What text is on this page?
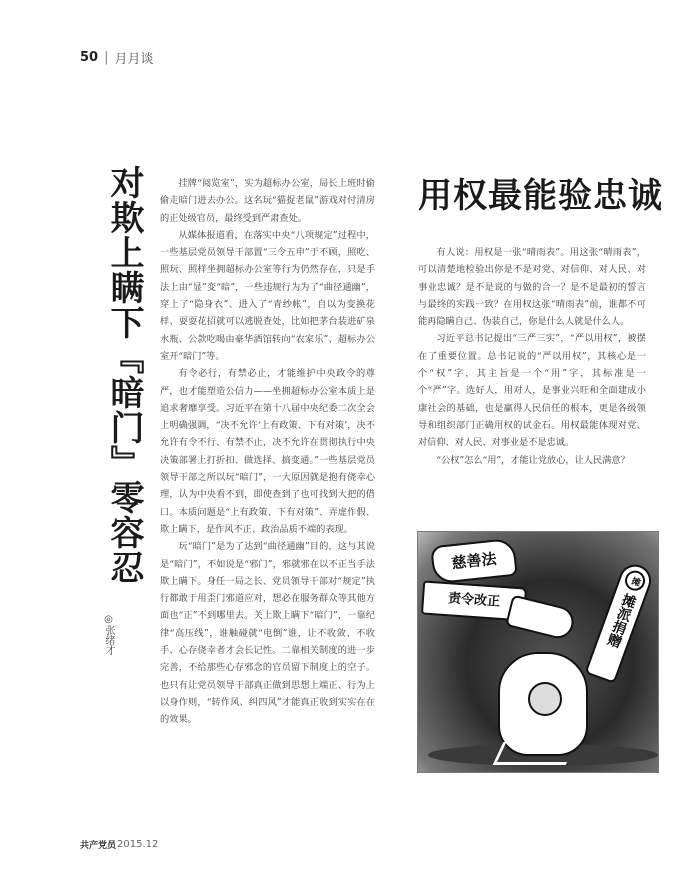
50 | 月月谈
对欺上瞒下『暗门』零容忍
◎张绪才

挂牌“阅览室”，实为超标办公室，局长上班时偷偷走暗门进去办公。这名玩“猫捉老鼠”游戏对付清房的正处级官员，最终受到严肃查处。

从媒体报道看，在落实中央“八项规定”过程中，一些基层党员领导干部置“三令五申”于不顾，照吃、照玩、照样坐拥超标办公室等行为仍然存在，只是手法上由“显”变“暗”，一些违规行为为了“曲径通幽”，穿上了“隐身衣”、进入了“青纱帐”，自以为变换花样、耍耍花招就可以逃脱查处，比如把茅台装进矿泉水瓶、公款吃喝由豪华酒馆转向“农家乐”、超标办公室开“暗门”等。

有令必行，有禁必止，才能维护中央政令的尊严，也才能塑造公信力——坐拥超标办公室本质上是追求奢靡享受。习近平在第十八届中央纪委二次全会上明确强调，“决不允许‘上有政策、下有对策’，决不允许有令不行、有禁不止，决不允许在贯彻执行中央决策部署上打折扣、做选择、搞变通。”一些基层党员领导干部之所以玩“暗门”，一大原因就是抱有侥幸心理，认为中央看不到，即使查到了也可找到大把的借口。本质问题是“上有政策、下有对策”、弄虚作假、欺上瞒下，是作风不正、政治品质不端的表现。

玩“暗门”是为了达到“曲径通幽”目的，这与其说是“暗门”，不如说是“邪门”，邪就邪在以不正当手法欺上瞒下。身任一局之长、党员领导干部对“规定”执行都敢于用歪门邪道应对，想必在服务群众等其他方面也“正”不到哪里去。关上欺上瞒下“暗门”，一靠纪律“高压线”，谁触碰就“电倒”谁，让不收敛、不收手、心存侥幸者才会长记性。二靠相关制度的进一步完善，不给那些心存邪念的官员留下制度上的空子。也只有让党员领导干部真正做到思想上端正、行为上以身作则，“转作风、纠四风”才能真正收到实实在在的效果。

用权最能验忠诚

有人说：用权是一张“晴雨表”。用这张“晴雨表”，可以清楚地检验出你是不是对党、对信仰、对人民、对事业忠诚？是不是说的与做的合一？是不是最初的誓言与最终的实践一致？在用权这张“晴雨表”前，谁都不可能再隐瞒自己、伪装自己，你是什么人就是什么人。

习近平总书记提出“三严三实”，“严以用权”，被摆在了重要位置。总书记说的“严以用权”，其核心是一个“权”字，其主旨是一个“用”字，其标准是一个“严”字。选好人，用对人，是事业兴旺和全面建成小康社会的基础，也是赢得人民信任的根本，更是各级领导和组织部门正确用权的试金石。用权最能体现对党、对信仰、对人民、对事业是不是忠诚。

“公权”怎么“用”，才能让党放心，让人民满意？

慈善法
责令改正
摊
摊派捐赠
共产党员 2015.12
